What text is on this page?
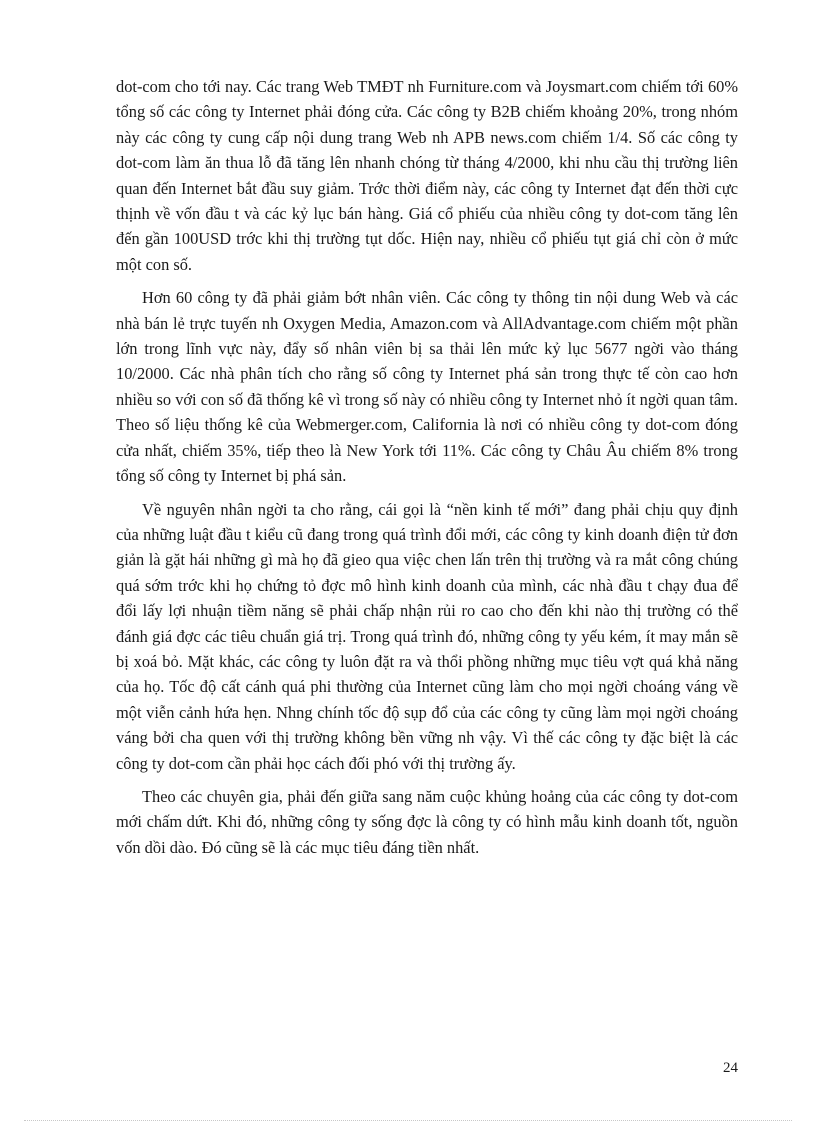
dot-com cho tới nay. Các trang Web TMĐT nh Furniture.com và Joysmart.com chiếm tới 60% tổng số các công ty Internet phải đóng cửa. Các công ty B2B chiếm khoảng 20%, trong nhóm này các công ty cung cấp nội dung trang Web nh APB news.com chiếm 1/4. Số các công ty dot-com làm ăn thua lỗ đã tăng lên nhanh chóng từ tháng 4/2000, khi nhu cầu thị trường liên quan đến Internet bắt đầu suy giảm. Trớc thời điểm này, các công ty Internet đạt đến thời cực thịnh về vốn đầu t và các kỷ lục bán hàng. Giá cổ phiếu của nhiều công ty dot-com tăng lên đến gần 100USD trớc khi thị trường tụt dốc. Hiện nay, nhiều cổ phiếu tụt giá chỉ còn ở mức một con số.

Hơn 60 công ty đã phải giảm bớt nhân viên. Các công ty thông tin nội dung Web và các nhà bán lẻ trực tuyến nh Oxygen Media, Amazon.com và AllAdvantage.com chiếm một phần lớn trong lĩnh vực này, đẩy số nhân viên bị sa thải lên mức kỷ lục 5677 ngời vào tháng 10/2000. Các nhà phân tích cho rằng số công ty Internet phá sản trong thực tế còn cao hơn nhiều so với con số đã thống kê vì trong số này có nhiều công ty Internet nhỏ ít ngời quan tâm. Theo số liệu thống kê của Webmerger.com, California là nơi có nhiều công ty dot-com đóng cửa nhất, chiếm 35%, tiếp theo là New York tới 11%. Các công ty Châu Âu chiếm 8% trong tổng số công ty Internet bị phá sản.

Về nguyên nhân ngời ta cho rằng, cái gọi là “nền kinh tế mới” đang phải chịu quy định của những luật đầu t kiểu cũ đang trong quá trình đổi mới, các công ty kinh doanh điện tử đơn giản là gặt hái những gì mà họ đã gieo qua việc chen lấn trên thị trường và ra mắt công chúng quá sớm trớc khi họ chứng tỏ đợc mô hình kinh doanh của mình, các nhà đầu t chạy đua để đổi lấy lợi nhuận tiềm năng sẽ phải chấp nhận rủi ro cao cho đến khi nào thị trường có thể đánh giá đợc các tiêu chuẩn giá trị. Trong quá trình đó, những công ty yếu kém, ít may mắn sẽ bị xoá bỏ. Mặt khác, các công ty luôn đặt ra và thổi phồng những mục tiêu vợt quá khả năng của họ. Tốc độ cất cánh quá phi thường của Internet cũng làm cho mọi ngời choáng váng về một viễn cảnh hứa hẹn. Nhng chính tốc độ sụp đổ của các công ty cũng làm mọi ngời choáng váng bởi cha quen với thị trường không bền vững nh vậy. Vì thế các công ty đặc biệt là các công ty dot-com cần phải học cách đối phó với thị trường ấy.

Theo các chuyên gia, phải đến giữa sang năm cuộc khủng hoảng của các công ty dot-com mới chấm dứt. Khi đó, những công ty sống đợc là công ty có hình mẫu kinh doanh tốt, nguồn vốn dồi dào. Đó cũng sẽ là các mục tiêu đáng tiền nhất.

24
